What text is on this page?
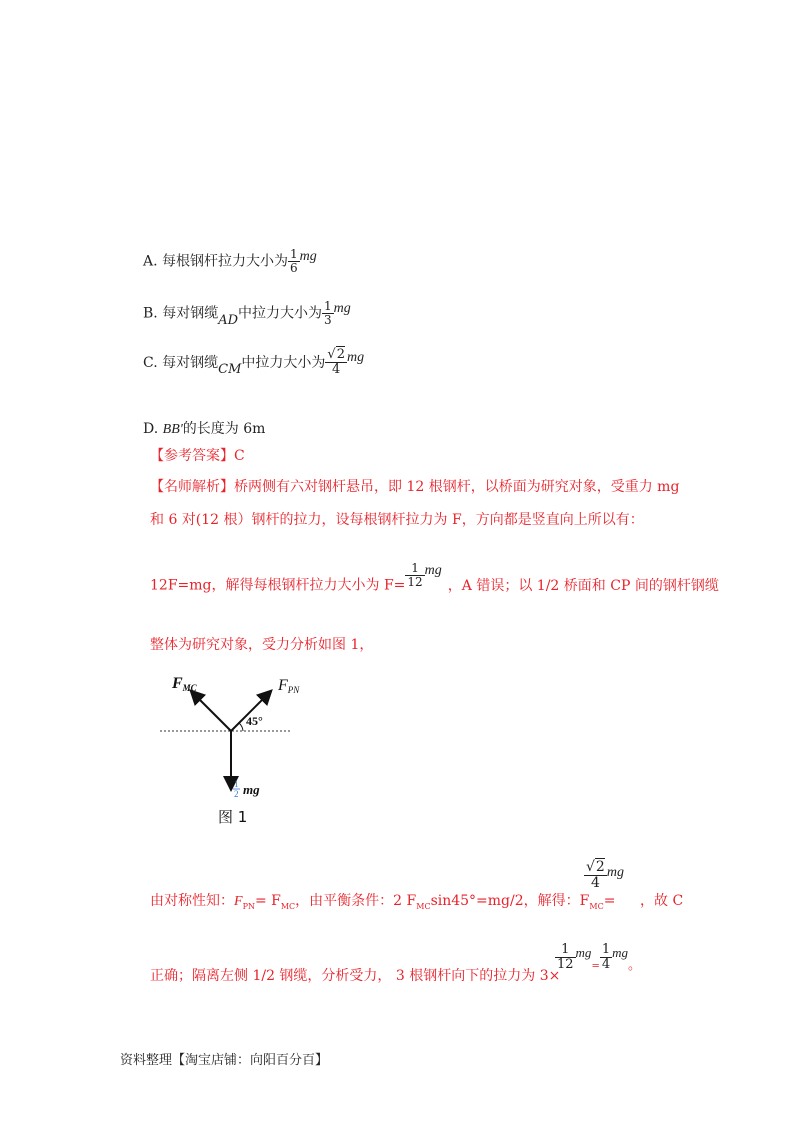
A. 每根钢杆拉力大小为 $\frac{1}{6}$ mg
B. 每对钢缆AD中拉力大小为 $\frac{1}{3}$ mg
C. 每对钢缆CM中拉力大小为 $\frac{√2}{4}$ mg
D. BB'的长度为 6m
【参考答案】C
【名师解析】桥两侧有六对钢杆悬吊，即 12 根钢杆，以桥面为研究对象，受重力 mg
和 6 对(12 根）钢杆的拉力，设每根钢杆拉力为 F，方向都是竖直向上所以有：
12F=mg，解得每根钢杆拉力大小为 $F= \frac{1}{12}$ mg，A 错误；以 1/2 桥面和 CP 间的钢杆钢缆
整体为研究对象，受力分析如图 1，
FMC	FPN
45°
1
2 mg
图 1
由对称性知：$F_{PN}= F_{MC}$，由平衡条件：2 $F_{MC}\sin 45^\circ=mg/2$，解得：$F_{MC}=$
$\frac{√2}{4}$ mg
，故 C
正确；隔离左侧 1/2 钢缆，分析受力， 3 根钢杆向下的拉力为 3×
$\frac{1}{12} mg_= \frac{1}{4}$ mg。
资料整理【淘宝店铺：向阳百分百】
